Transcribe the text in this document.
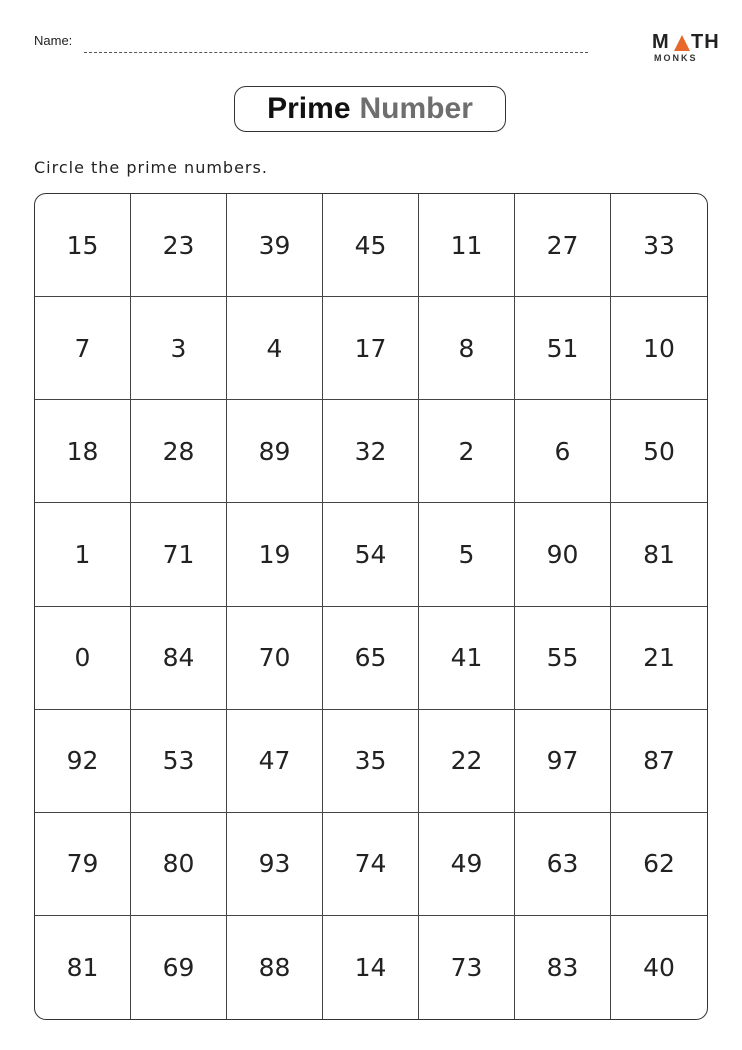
Name:	M TH
MONKS
Prime Number
Circle the prime numbers.
15	23	39	45	11	27	33
7	3	4	17	8	51	10
18	28	89	32	2	6	50
1	71	19	54	5	90	81
0	84	70	65	41	55	21
92	53	47	35	22	97	87
79	80	93	74	49	63	62
81	69	88	14	73	83	40
